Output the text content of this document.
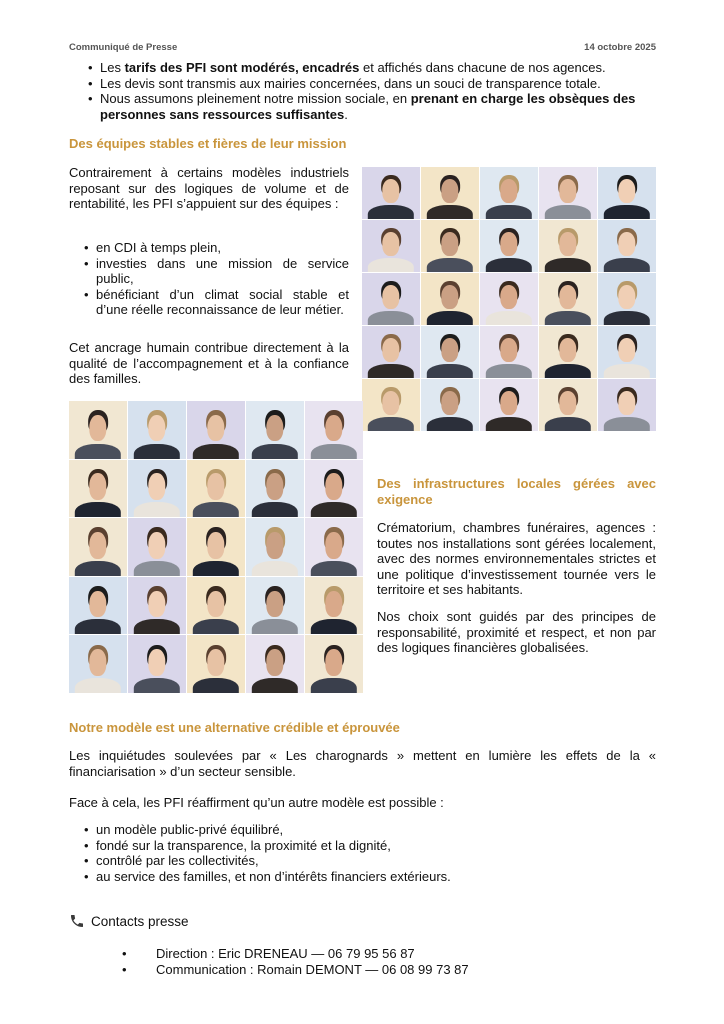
Communiqué de Presse	14 octobre 2025
• Les tarifs des PFI sont modérés, encadrés et affichés dans chacune de nos agences.
• Les devis sont transmis aux mairies concernées, dans un souci de transparence totale.
• Nous assumons pleinement notre mission sociale, en prenant en charge les obsèques des personnes sans ressources suffisantes.
Des équipes stables et fières de leur mission
Contrairement à certains modèles industriels reposant sur des logiques de volume et de rentabilité, les PFI s’appuient sur des équipes :
• en CDI à temps plein,
• investies dans une mission de service public,
• bénéficiant d’un climat social stable et d’une réelle reconnaissance de leur métier.
Cet ancrage humain contribue directement à la qualité de l’accompagnement et à la confiance des familles.
Des infrastructures locales gérées avec exigence
Crématorium, chambres funéraires, agences : toutes nos installations sont gérées localement, avec des normes environnementales strictes et une politique d’investissement tournée vers le territoire et ses habitants.
Nos choix sont guidés par des principes de responsabilité, proximité et respect, et non par des logiques financières globalisées.
Notre modèle est une alternative crédible et éprouvée
Les inquiétudes soulevées par « Les charognards » mettent en lumière les effets de la « financiarisation » d’un secteur sensible.
Face à cela, les PFI réaffirment qu’un autre modèle est possible :
• un modèle public-privé équilibré,
• fondé sur la transparence, la proximité et la dignité,
• contrôlé par les collectivités,
• au service des familles, et non d’intérêts financiers extérieurs.
Contacts presse
• Direction : Eric DRENEAU — 06 79 95 56 87
• Communication : Romain DEMONT — 06 08 99 73 87
